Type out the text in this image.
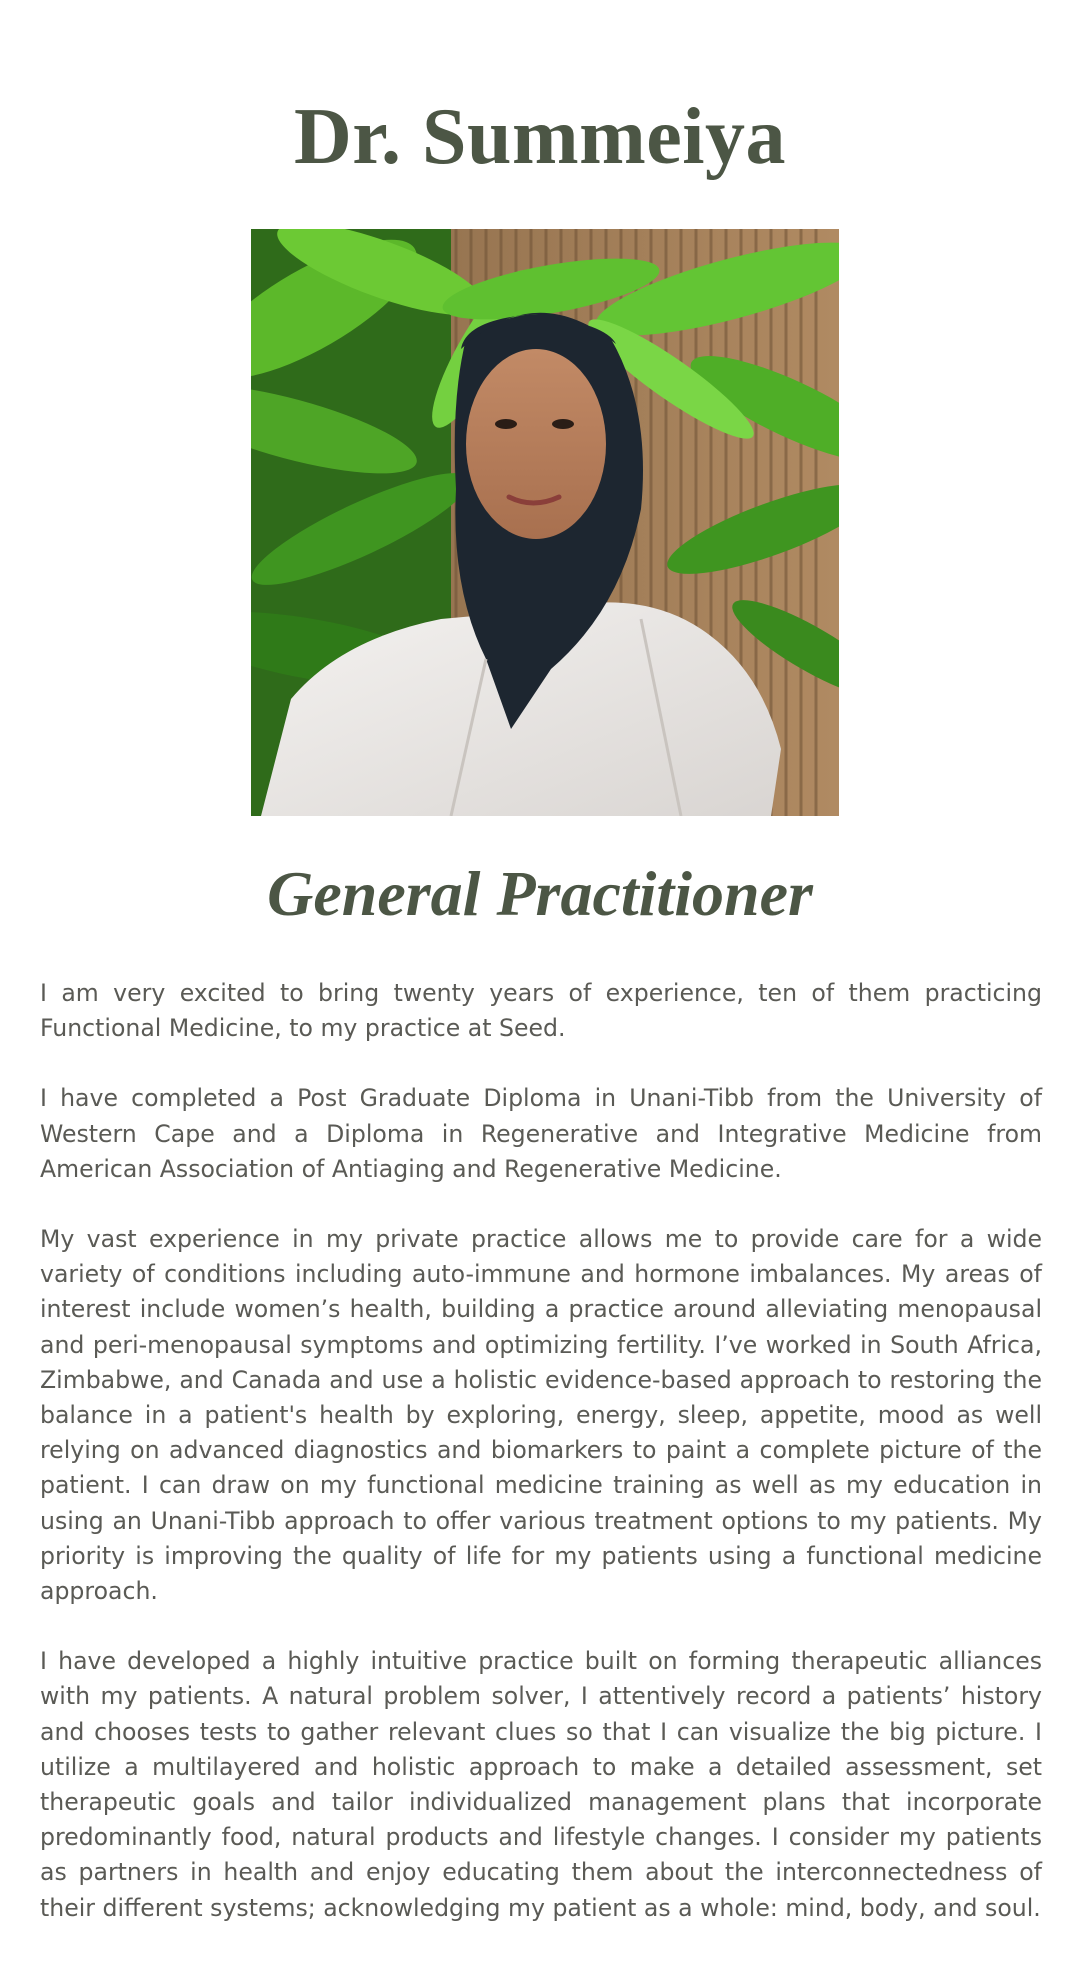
Dr. Summeiya
General Practitioner

I am very excited to bring twenty years of experience, ten of them practicing Functional Medicine, to my practice at Seed.

I have completed a Post Graduate Diploma in Unani-Tibb from the University of Western Cape and a Diploma in Regenerative and Integrative Medicine from American Association of Antiaging and Regenerative Medicine.

My vast experience in my private practice allows me to provide care for a wide variety of conditions including auto-immune and hormone imbalances. My areas of interest include women’s health, building a practice around alleviating menopausal and peri-menopausal symptoms and optimizing fertility. I’ve worked in South Africa, Zimbabwe, and Canada and use a holistic evidence-based approach to restoring the balance in a patient's health by exploring, energy, sleep, appetite, mood as well relying on advanced diagnostics and biomarkers to paint a complete picture of the patient. I can draw on my functional medicine training as well as my education in using an Unani-Tibb approach to offer various treatment options to my patients. My priority is improving the quality of life for my patients using a functional medicine approach.

I have developed a highly intuitive practice built on forming therapeutic alliances with my patients. A natural problem solver, I attentively record a patients’ history and chooses tests to gather relevant clues so that I can visualize the big picture. I utilize a multilayered and holistic approach to make a detailed assessment, set therapeutic goals and tailor individualized management plans that incorporate predominantly food, natural products and lifestyle changes. I consider my patients as partners in health and enjoy educating them about the interconnectedness of their different systems; acknowledging my patient as a whole: mind, body, and soul.
